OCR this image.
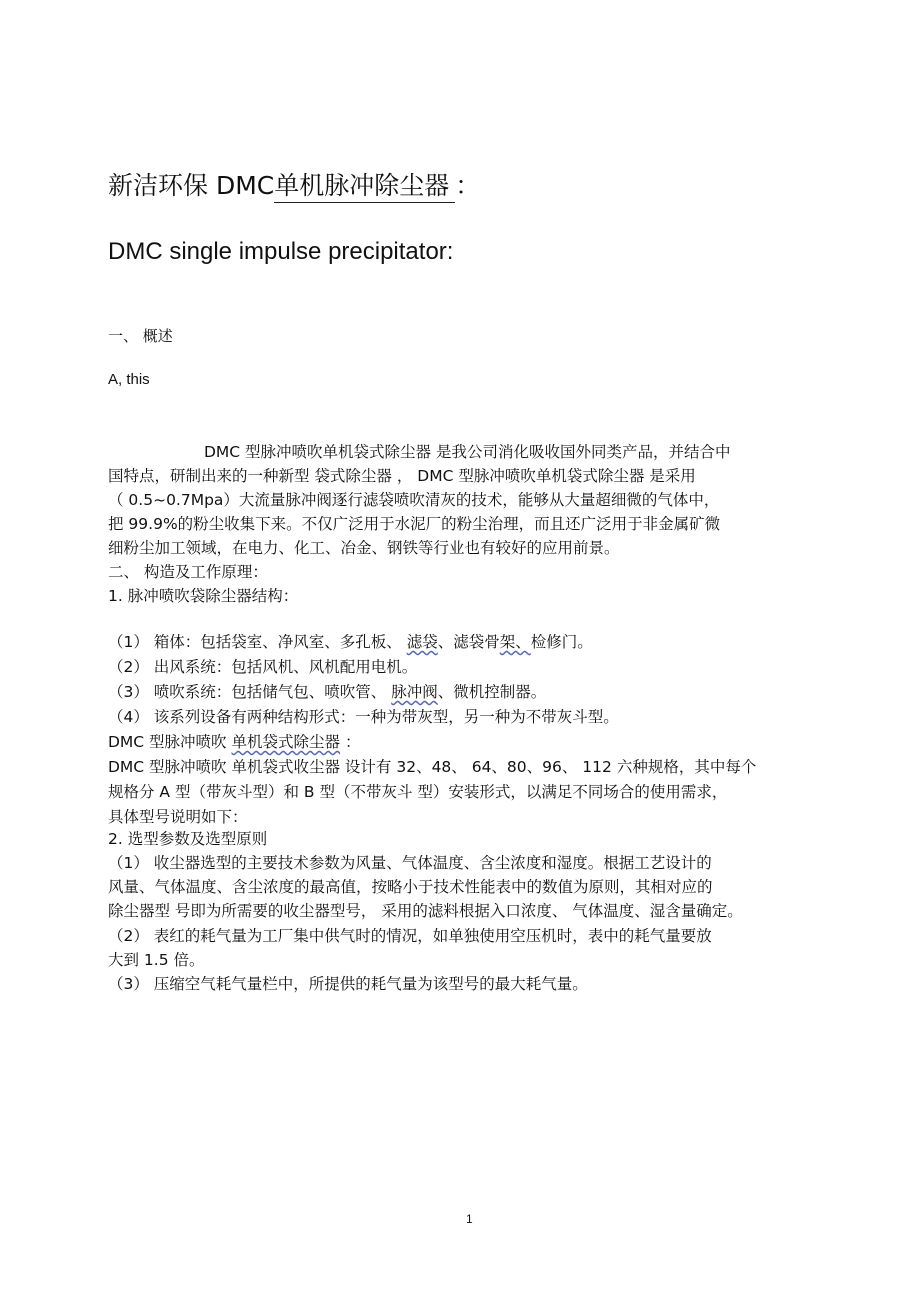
新洁环保 DMC单机脉冲除尘器 ：
DMC single impulse precipitator:
一、 概述
A, this
DMC 型脉冲喷吹单机袋式除尘器 是我公司消化吸收国外同类产品，并结合中
国特点，研制出来的一种新型 袋式除尘器 ， DMC 型脉冲喷吹单机袋式除尘器 是采用
（ 0.5~0.7Mpa）大流量脉冲阀逐行滤袋喷吹清灰的技术，能够从大量超细微的气体中，
把 99.9%的粉尘收集下来。不仅广泛用于水泥厂的粉尘治理，而且还广泛用于非金属矿微
细粉尘加工领域，在电力、化工、冶金、钢铁等行业也有较好的应用前景。
二、 构造及工作原理：
1. 脉冲喷吹袋除尘器结构：
（1） 箱体：包括袋室、净风室、多孔板、 滤袋、滤袋骨架、检修门。
（2） 出风系统：包括风机、风机配用电机。
（3） 喷吹系统：包括储气包、喷吹管、 脉冲阀、微机控制器。
（4） 该系列设备有两种结构形式：一种为带灰型，另一种为不带灰斗型。
DMC 型脉冲喷吹 单机袋式除尘器 ：
DMC 型脉冲喷吹 单机袋式收尘器 设计有 32、48、 64、80、96、 112 六种规格，其中每个
规格分 A 型（带灰斗型）和 B 型（不带灰斗 型）安装形式，以满足不同场合的使用需求，
具体型号说明如下：
2. 选型参数及选型原则
（1） 收尘器选型的主要技术参数为风量、气体温度、含尘浓度和湿度。根据工艺设计的
风量、气体温度、含尘浓度的最高值，按略小于技术性能表中的数值为原则，其相对应的
除尘器型 号即为所需要的收尘器型号， 采用的滤料根据入口浓度、 气体温度、湿含量确定。
（2） 表红的耗气量为工厂集中供气时的情况，如单独使用空压机时，表中的耗气量要放
大到 1.5 倍。
（3） 压缩空气耗气量栏中，所提供的耗气量为该型号的最大耗气量。
1
